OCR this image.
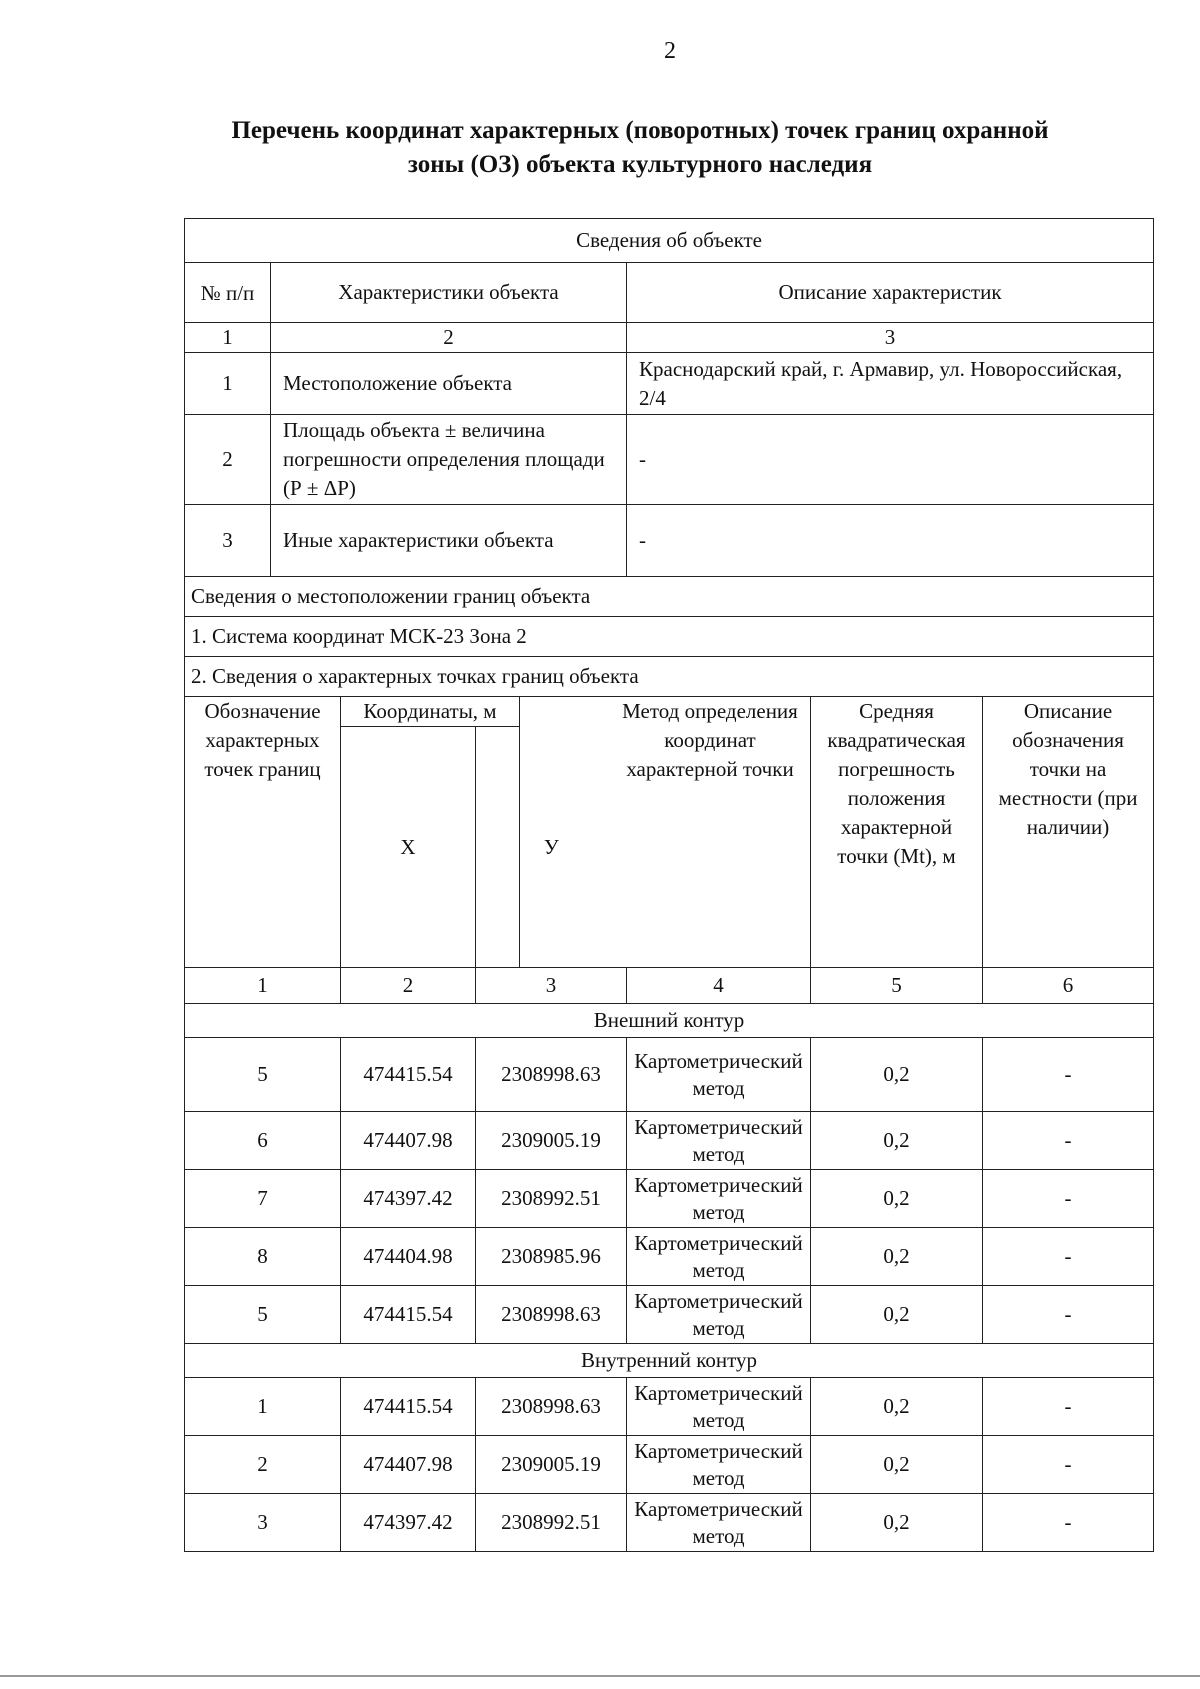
2
Перечень координат характерных (поворотных) точек границ охранной
зоны (ОЗ) объекта культурного наследия
Сведения об объекте							
№ п/п	Характеристики объекта				Описание характеристик		
1	2				3		
1	Местоположение объекта				Краснодарский край, г. Армавир, ул. Новороссийская, 2/4		
2	Площадь объекта ± величина погрешности определения площади (Р ± ΔР)				-		
3	Иные характеристики объекта				-		
Сведения о местоположении границ объекта							
1. Система координат МСК-23 Зона 2							
2. Сведения о характерных точках границ объекта							
Обозначение характерных точек границ		Координаты, м		Метод определения координат характерной точки		Средняя квадратическая погрешность положения характерной точки (Mt), м	Описание обозначения точки на местности (при наличии)
		X	У				
1		2	3		4	5	6
Внешний контур							
5		474415.54	2308998.63		Картометрический метод	0,2	-
6		474407.98	2309005.19		Картометрический метод	0,2	-
7		474397.42	2308992.51		Картометрический метод	0,2	-
8		474404.98	2308985.96		Картометрический метод	0,2	-
5		474415.54	2308998.63		Картометрический метод	0,2	-
Внутренний контур							
1		474415.54	2308998.63		Картометрический метод	0,2	-
2		474407.98	2309005.19		Картометрический метод	0,2	-
3		474397.42	2308992.51		Картометрический метод	0,2	-
